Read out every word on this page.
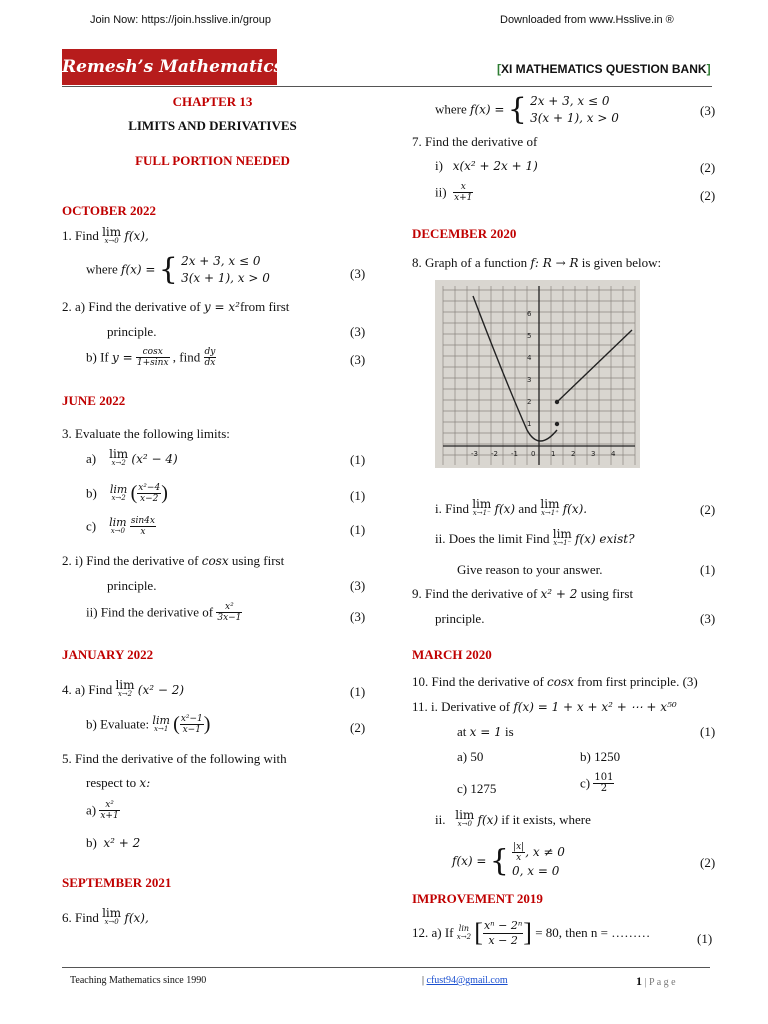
Join Now: https://join.hsslive.in/group	Downloaded from www.Hsslive.in ®
Remesh’s Mathematics	[XI MATHEMATICS QUESTION BANK]
CHAPTER 13
LIMITS AND DERIVATIVES
FULL PORTION NEEDED
OCTOBER 2022
1. Find lim
x→0 f(x),
where f(x) = { 2x + 3, x ≤ 0
3(x + 1), x > 0	(3)
2. a) Find the derivative of y = x²from first
principle.	(3)
b) If $y = \frac{\cos x}{1+\sin x}$ , find $\frac{dy}{dx}$	(3)
JUNE 2022
3. Evaluate the following limits:
a) lim
x→2 (x² − 4)	(1)
b) lim
x→2 ( $\frac{\text{x²−4}}{x-2}$ )	(1)
c) lim
x→0
$\frac{\sin 4x}{x}$	(1)
2. i) Find the derivative of cosx using first
principle.	(3)
ii) Find the derivative of $\frac{\text{x²}}{3x-1}$	(3)
JANUARY 2022
4. a) Find lim
x→2 (x² − 2)	(1)
b) Evaluate: lim
x→1 ( $\frac{\text{x²−1}}{x-1}$ )	(2)
5. Find the derivative of the following with
respect to x:
$a) \frac{\text{x²}}{x+1}$
b) x² + 2
SEPTEMBER 2021
6. Find lim
x→0 f(x),
where f(x) = { 2x + 3, x ≤ 0
3(x + 1), x > 0	(3)
7. Find the derivative of
i) x(x² + 2x + 1)	(2)
$ii) \frac{x}{x+1}$	(2)
DECEMBER 2020
8. Graph of a function f: R → R is given below:
6
5
4
3
2
1
-3 -2 -1 0 1 2 3 4
i. Find lim
x→1⁻ f(x) and lim
x→1⁺ f(x).	(2)
ii. Does the limit Find lim
x→1⁻ f(x) exist?
Give reason to your answer.	(1)
9. Find the derivative of x² + 2 using first
principle.	(3)
MARCH 2020
10. Find the derivative of cosx from first principle. (3)
11. i. Derivative of f(x) = 1 + x + x² + ⋯ + x⁵⁰
at x = 1 is	(1)
a) 50	b) 1250
c) 1275	$c) \frac{101}{2}$
ii. lim
x→0 f(x) if it exists, where
f(x) = { $\frac{|x|}{x}$ , x ≠ 0
0, x = 0
(2)
IMPROVEMENT 2019
12. a) If lin
x→2 [ $\frac{\text{xⁿ − 2ⁿ}}{x - 2}$ ] = 80, then n = ………	(1)
Teaching Mathematics since 1990	| cfust94@gmail.com	1 | P a g e
